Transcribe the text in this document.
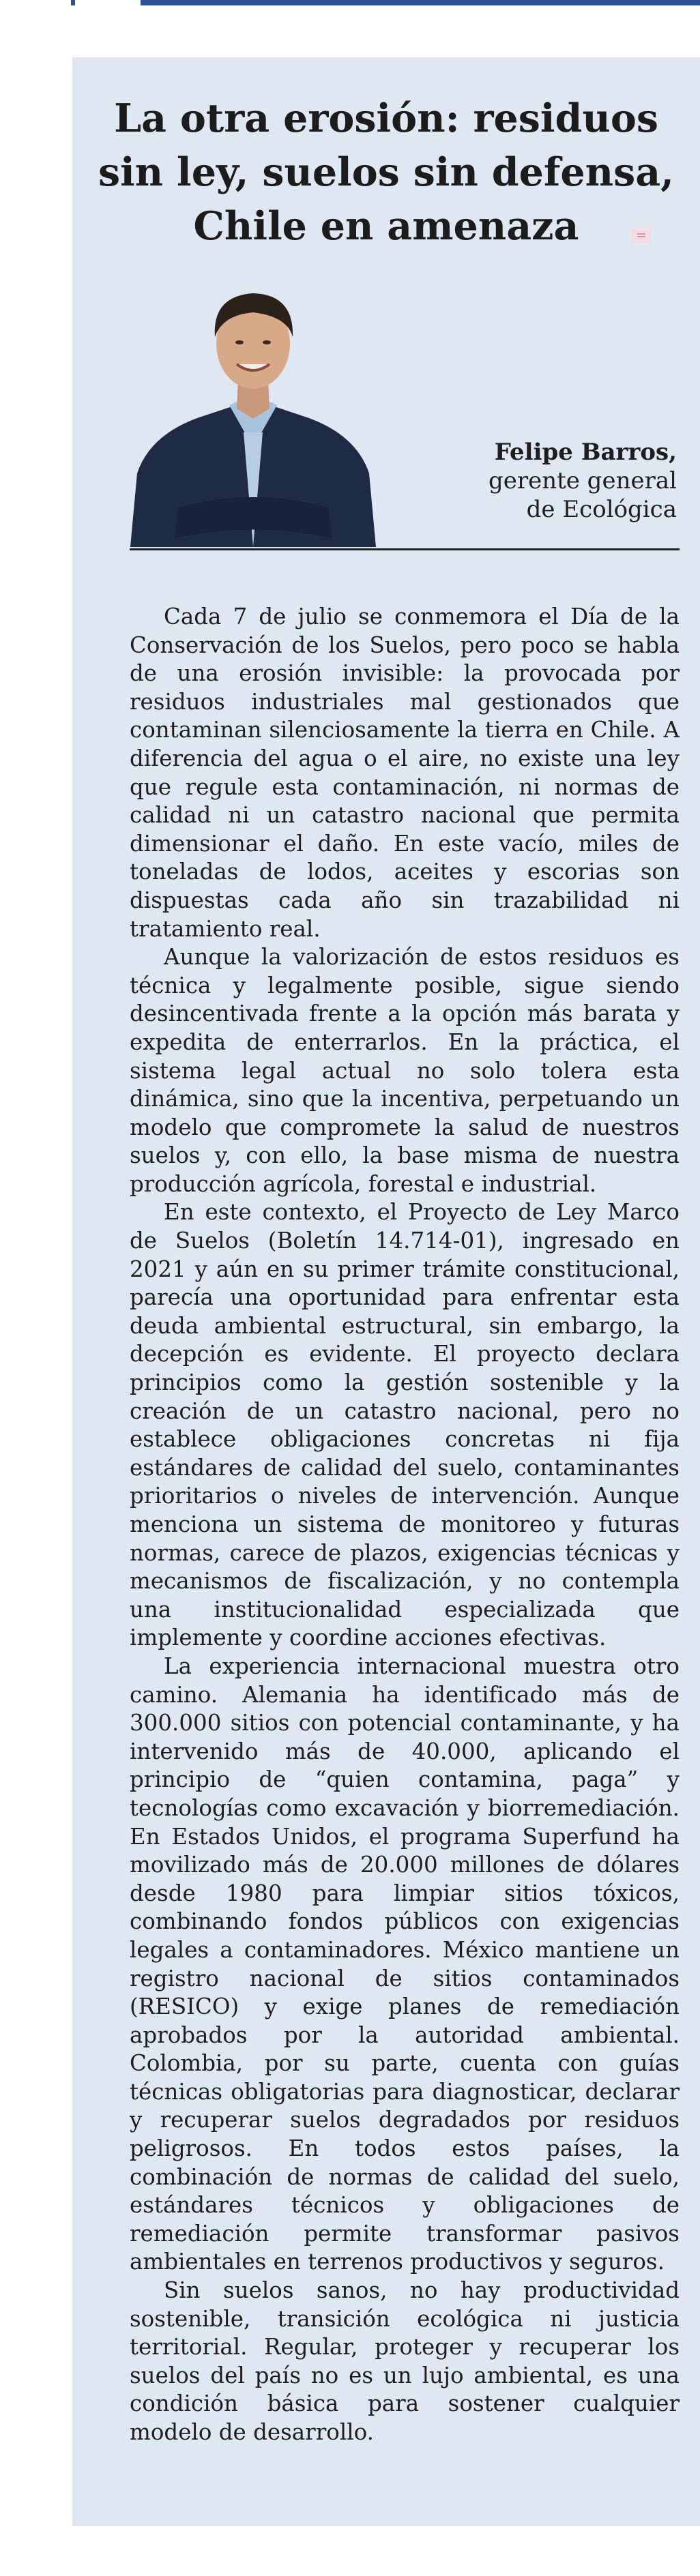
La otra erosión: residuos
sin ley, suelos sin defensa,
Chile en amenaza
Felipe Barros,
gerente general
de Ecológica

Cada 7 de julio se conmemora el Día de la Conservación de los Suelos, pero poco se habla de una erosión invisible: la provocada por residuos industriales mal gestionados que contaminan silenciosamente la tierra en Chile. A diferencia del agua o el aire, no existe una ley que regule esta contaminación, ni normas de calidad ni un catastro nacional que permita dimensionar el daño. En este vacío, miles de toneladas de lodos, aceites y escorias son dispuestas cada año sin trazabilidad ni tratamiento real.

Aunque la valorización de estos residuos es técnica y legalmente posible, sigue siendo desincentivada frente a la opción más barata y expedita de enterrarlos. En la práctica, el sistema legal actual no solo tolera esta dinámica, sino que la incentiva, perpetuando un modelo que compromete la salud de nuestros suelos y, con ello, la base misma de nuestra producción agrícola, forestal e industrial.

En este contexto, el Proyecto de Ley Marco de Suelos (Boletín 14.714-01), ingresado en 2021 y aún en su primer trámite constitucional, parecía una oportunidad para enfrentar esta deuda ambiental estructural, sin embargo, la decepción es evidente. El proyecto declara principios como la gestión sostenible y la creación de un catastro nacional, pero no establece obligaciones concretas ni fija estándares de calidad del suelo, contaminantes prioritarios o niveles de intervención. Aunque menciona un sistema de monitoreo y futuras normas, carece de plazos, exigencias técnicas y mecanismos de fiscalización, y no contempla una institucionalidad especializada que implemente y coordine acciones efectivas.

La experiencia internacional muestra otro camino. Alemania ha identificado más de 300.000 sitios con potencial contaminante, y ha intervenido más de 40.000, aplicando el principio de “quien contamina, paga” y tecnologías como excavación y biorremediación. En Estados Unidos, el programa Superfund ha movilizado más de 20.000 millones de dólares desde 1980 para limpiar sitios tóxicos, combinando fondos públicos con exigencias legales a contaminadores. México mantiene un registro nacional de sitios contaminados (RESICO) y exige planes de remediación aprobados por la autoridad ambiental. Colombia, por su parte, cuenta con guías técnicas obligatorias para diagnosticar, declarar y recuperar suelos degradados por residuos peligrosos. En todos estos países, la combinación de normas de calidad del suelo, estándares técnicos y obligaciones de remediación permite transformar pasivos ambientales en terrenos productivos y seguros.

Sin suelos sanos, no hay productividad sostenible, transición ecológica ni justicia territorial. Regular, proteger y recuperar los suelos del país no es un lujo ambiental, es una condición básica para sostener cualquier modelo de desarrollo.
